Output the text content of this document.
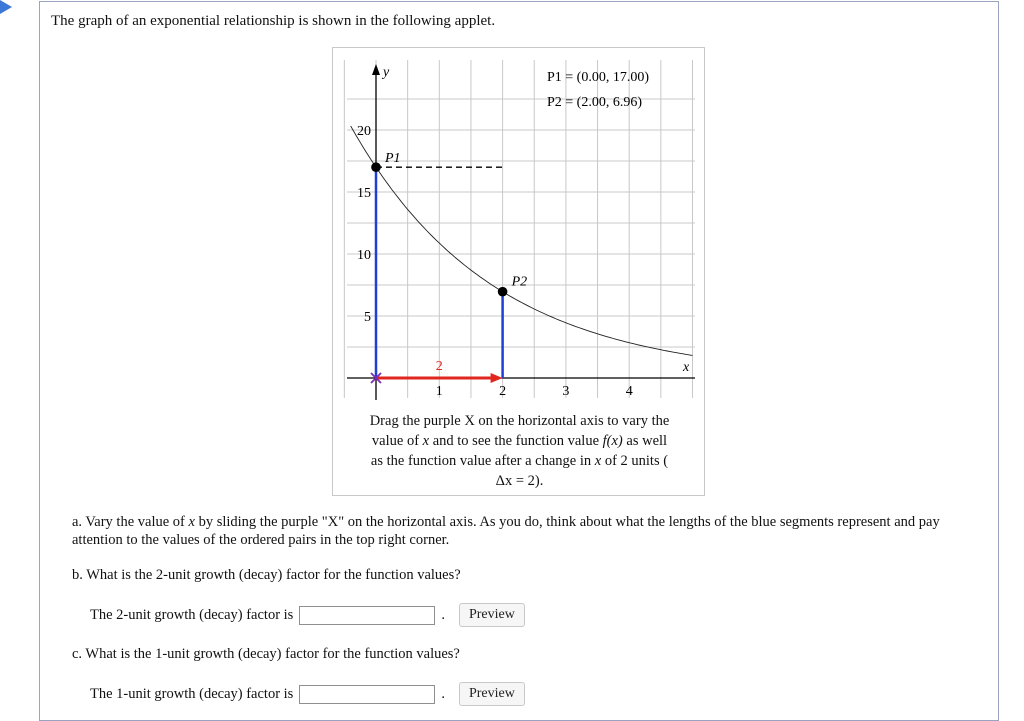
The graph of an exponential relationship is shown in the following applet.
y
x
5
10
15
20
1	2	3	4
P1
P2
P1 = (0.00, 17.00)
P2 = (2.00, 6.96)
2
Drag the purple X on the horizontal axis to vary the
value of x and to see the function value f(x) as well
as the function value after a change in x of 2 units (
Δx = 2).
a. Vary the value of x by sliding the purple "X" on the horizontal axis. As you do, think about what the lengths of the blue segments represent and pay attention to the values of the ordered pairs in the top right corner.
b. What is the 2-unit growth (decay) factor for the function values?
The 2-unit growth (decay) factor is	.	Preview
c. What is the 1-unit growth (decay) factor for the function values?
The 1-unit growth (decay) factor is	.	Preview
